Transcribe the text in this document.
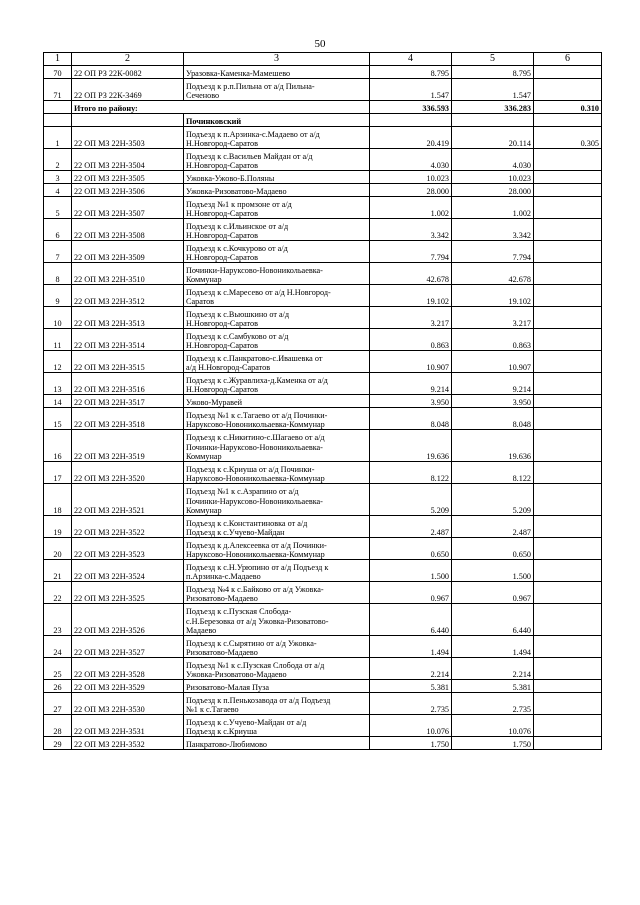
50
1	2	3	4	5	6
70	22 ОП РЗ 22К-0082	Уразовка-Каменка-Мамешево	8.795	8.795	
71	22 ОП РЗ 22К-3469	Подъезд к р.п.Пильна от а/д Пильна-
Сеченово	1.547	1.547	
	Итого по району:		336.593	336.283	0.310
		Починковский			
1	22 ОП МЗ 22Н-3503	Подъезд к п.Арзинка-с.Мадаево от а/д
Н.Новгород-Саратов	20.419	20.114	0.305
2	22 ОП МЗ 22Н-3504	Подъезд к с.Васильев Майдан от а/д
Н.Новгород-Саратов	4.030	4.030	
3	22 ОП МЗ 22Н-3505	Ужовка-Ужово-Б.Поляны	10.023	10.023	
4	22 ОП МЗ 22Н-3506	Ужовка-Ризоватово-Мадаево	28.000	28.000	
5	22 ОП МЗ 22Н-3507	Подъезд №1 к промзоне от а/д
Н.Новгород-Саратов	1.002	1.002	
6	22 ОП МЗ 22Н-3508	Подъезд к с.Ильинское от а/д
Н.Новгород-Саратов	3.342	3.342	
7	22 ОП МЗ 22Н-3509	Подъезд к с.Кочкурово от а/д
Н.Новгород-Саратов	7.794	7.794	
8	22 ОП МЗ 22Н-3510	Починки-Наруксово-Новоникольаевка-
Коммунар	42.678	42.678	
9	22 ОП МЗ 22Н-3512	Подъезд к с.Маресево от а/д Н.Новгород-
Саратов	19.102	19.102	
10	22 ОП МЗ 22Н-3513	Подъезд к с.Вьюшкино от а/д
Н.Новгород-Саратов	3.217	3.217	
11	22 ОП МЗ 22Н-3514	Подъезд к с.Самбуково от а/д
Н.Новгород-Саратов	0.863	0.863	
12	22 ОП МЗ 22Н-3515	Подъезд к с.Панкратово-с.Ивашевка от
а/д Н.Новгород-Саратов	10.907	10.907	
13	22 ОП МЗ 22Н-3516	Подъезд к с.Журавлиха-д.Каменка от а/д
Н.Новгород-Саратов	9.214	9.214	
14	22 ОП МЗ 22Н-3517	Ужово-Муравей	3.950	3.950	
15	22 ОП МЗ 22Н-3518	Подъезд №1 к с.Тагаево от а/д Починки-
Наруксово-Новоникольаевка-Коммунар	8.048	8.048	
16	22 ОП МЗ 22Н-3519	Подъезд к с.Никитино-с.Шагаево от а/д
Починки-Наруксово-Новоникольаевка-
Коммунар	19.636	19.636	
17	22 ОП МЗ 22Н-3520	Подъезд к с.Криуша от а/д Починки-
Наруксово-Новоникольаевка-Коммунар	8.122	8.122	
18	22 ОП МЗ 22Н-3521	Подъезд №1 к с.Азрапино от а/д
Починки-Наруксово-Новоникольаевка-
Коммунар	5.209	5.209	
19	22 ОП МЗ 22Н-3522	Подъезд к с.Константиновка от а/д
Подъезд к с.Учуево-Майдан	2.487	2.487	
20	22 ОП МЗ 22Н-3523	Подъезд к д.Алексеевка от а/д Починки-
Наруксово-Новоникольаевка-Коммунар	0.650	0.650	
21	22 ОП МЗ 22Н-3524	Подъезд к с.Н.Урюпино от а/д Подъезд к
п.Арзинка-с.Мадаево	1.500	1.500	
22	22 ОП МЗ 22Н-3525	Подъезд №4 к с.Байково от а/д Ужовка-
Ризоватово-Мадаево	0.967	0.967	
23	22 ОП МЗ 22Н-3526	Подъезд к с.Пузская Слобода-
с.Н.Березовка от а/д Ужовка-Ризоватово-
Мадаево	6.440	6.440	
24	22 ОП МЗ 22Н-3527	Подъезд к с.Сырятино от а/д Ужовка-
Ризоватово-Мадаево	1.494	1.494	
25	22 ОП МЗ 22Н-3528	Подъезд №1 к с.Пузская Слобода от а/д
Ужовка-Ризоватово-Мадаево	2.214	2.214	
26	22 ОП МЗ 22Н-3529	Ризоватово-Малая Пуза	5.381	5.381	
27	22 ОП МЗ 22Н-3530	Подъезд к п.Пенькозавода от а/д Подъезд
№1 к с.Тагаево	2.735	2.735	
28	22 ОП МЗ 22Н-3531	Подъезд к с.Учуево-Майдан от а/д
Подъезд к с.Криуша	10.076	10.076	
29	22 ОП МЗ 22Н-3532	Панкратово-Любимово	1.750	1.750	
